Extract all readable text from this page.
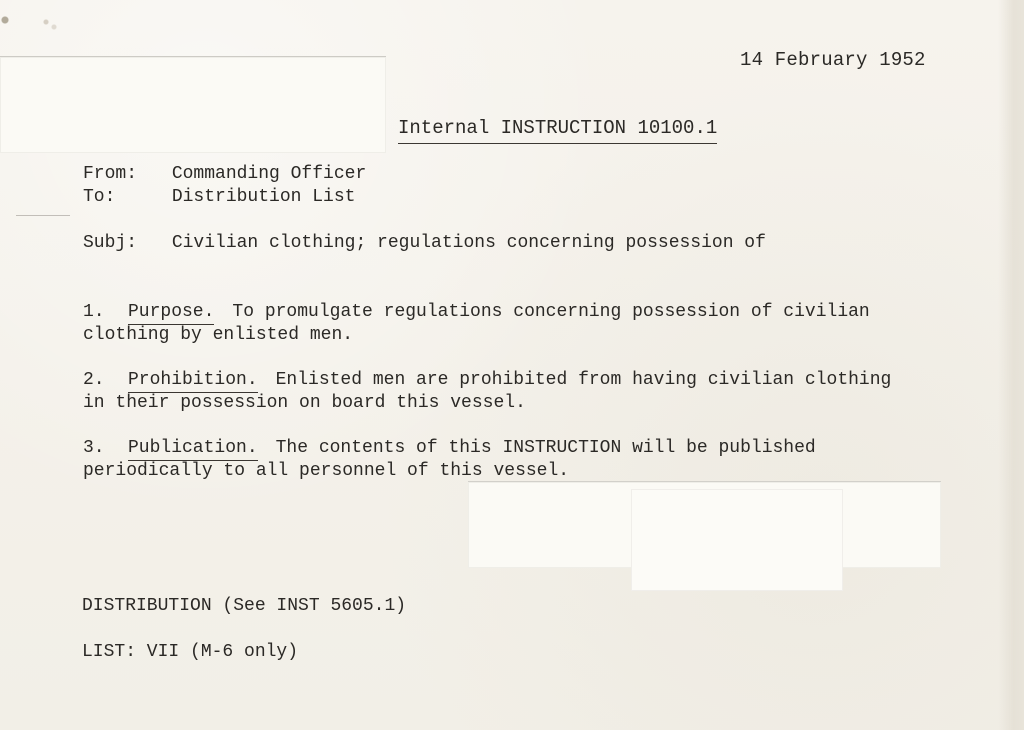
14 February 1952
Internal INSTRUCTION 10100.1
From: Commanding Officer
To:	Distribution List
Subj: Civilian clothing; regulations concerning possession of

1. Purpose. To promulgate regulations concerning possession of civilian
clothing by enlisted men.

2. Prohibition. Enlisted men are prohibited from having civilian clothing
in their possession on board this vessel.

3. Publication. The contents of this INSTRUCTION will be published
periodically to all personnel of this vessel.

DISTRIBUTION (See INST 5605.1)

LIST: VII (M-6 only)
